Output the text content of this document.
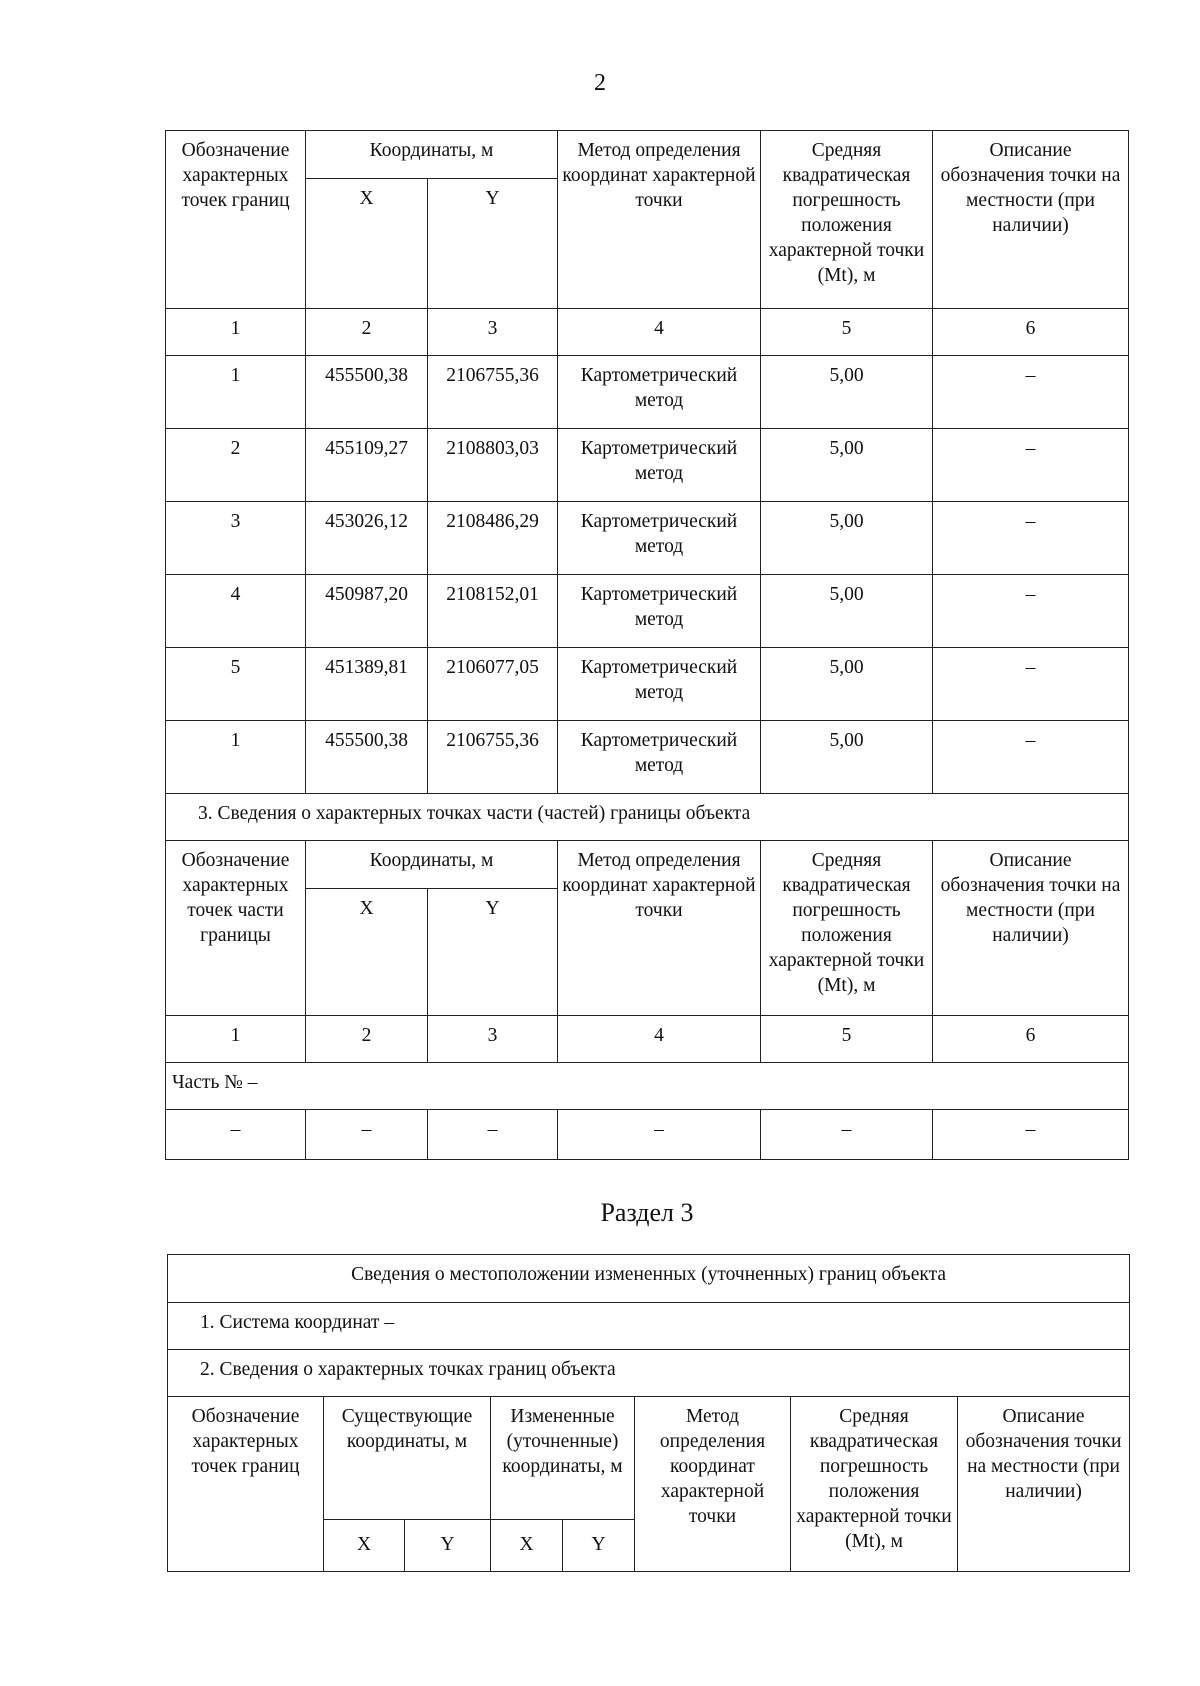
2
Обозначение характерных точек границ	Координаты, м		Метод определения координат характерной точки	Средняя квадратичеcкая погрешность положения характерной точки (Mt), м	Описание обозначения точки на местности (при наличии)
	X	Y			
1	2	3	4	5	6
1	455500,38	2106755,36	Картометрический метод	5,00	–
2	455109,27	2108803,03	Картометрический метод	5,00	–
3	453026,12	2108486,29	Картометрический метод	5,00	–
4	450987,20	2108152,01	Картометрический метод	5,00	–
5	451389,81	2106077,05	Картометрический метод	5,00	–
1	455500,38	2106755,36	Картометрический метод	5,00	–
3. Сведения о характерных точках части (частей) границы объекта					
Обозначение характерных точек части границы	Координаты, м		Метод определения координат характерной точки	Средняя квадратическая погрешность положения характерной точки (Mt), м	Описание обозначения точки на местности (при наличии)
	X	Y			
1	2	3	4	5	6
Часть № –					
–	–	–	–	–	–
Раздел 3
Сведения о местоположении измененных (уточненных) границ объекта							
1. Система координат –							
2. Сведения о характерных точках границ объекта							
Обозначение характерных точек границ	Существующие координаты, м		Измененные (уточненные) координаты, м		Метод определения координат характерной точки	Средняя квадратическая погрешность положения характерной точки (Mt), м	Описание обозначения точки на местности (при наличии)
	X	Y	X	Y			
